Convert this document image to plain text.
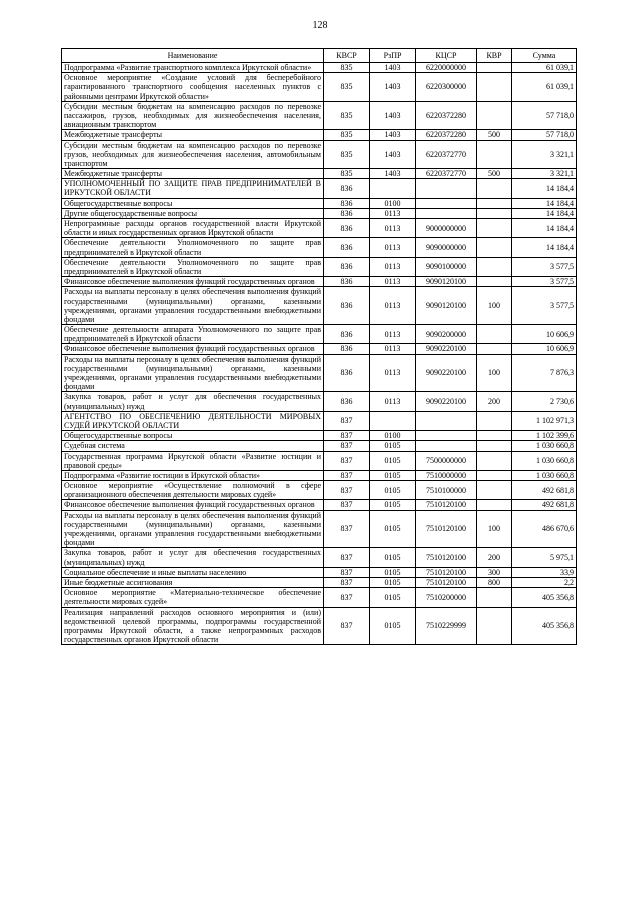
128
Наименование	КВСР	РзПР	КЦСР	КВР	Сумма
Подпрограмма «Развитие транспортного комплекса Иркутской области»	835	1403	6220000000		61 039,1
Основное мероприятие «Создание условий для бесперебойного гарантированного транспортного сообщения населенных пунктов с районными центрами Иркутской области»	835	1403	6220300000		61 039,1
Субсидии местным бюджетам на компенсацию расходов по перевозке пассажиров, грузов, необходимых для жизнеобеспечения населения, авиационным транспортом	835	1403	6220372280		57 718,0
Межбюджетные трансферты	835	1403	6220372280	500	57 718,0
Субсидии местным бюджетам на компенсацию расходов по перевозке грузов, необходимых для жизнеобеспечения населения, автомобильным транспортом	835	1403	6220372770		3 321,1
Межбюджетные трансферты	835	1403	6220372770	500	3 321,1
УПОЛНОМОЧЕННЫЙ ПО ЗАЩИТЕ ПРАВ ПРЕДПРИНИМАТЕЛЕЙ В ИРКУТСКОЙ ОБЛАСТИ	836				14 184,4
Общегосударственные вопросы	836	0100			14 184,4
Другие общегосударственные вопросы	836	0113			14 184,4
Непрограммные расходы органов государственной власти Иркутской области и иных государственных органов Иркутской области	836	0113	9000000000		14 184,4
Обеспечение деятельности Уполномоченного по защите прав предпринимателей в Иркутской области	836	0113	9090000000		14 184,4
Обеспечение деятельности Уполномоченного по защите прав предпринимателей в Иркутской области	836	0113	9090100000		3 577,5
Финансовое обеспечение выполнения функций государственных органов	836	0113	9090120100		3 577,5
Расходы на выплаты персоналу в целях обеспечения выполнения функций государственными (муниципальными) органами, казенными учреждениями, органами управления государственными внебюджетными фондами	836	0113	9090120100	100	3 577,5
Обеспечение деятельности аппарата Уполномоченного по защите прав предпринимателей в Иркутской области	836	0113	9090200000		10 606,9
Финансовое обеспечение выполнения функций государственных органов	836	0113	9090220100		10 606,9
Расходы на выплаты персоналу в целях обеспечения выполнения функций государственными (муниципальными) органами, казенными учреждениями, органами управления государственными внебюджетными фондами	836	0113	9090220100	100	7 876,3
Закупка товаров, работ и услуг для обеспечения государственных (муниципальных) нужд	836	0113	9090220100	200	2 730,6
АГЕНТСТВО ПО ОБЕСПЕЧЕНИЮ ДЕЯТЕЛЬНОСТИ МИРОВЫХ СУДЕЙ ИРКУТСКОЙ ОБЛАСТИ	837				1 102 971,3
Общегосударственные вопросы	837	0100			1 102 399,6
Судебная система	837	0105			1 030 660,8
Государственная программа Иркутской области «Развитие юстиции и правовой среды»	837	0105	7500000000		1 030 660,8
Подпрограмма «Развитие юстиции в Иркутской области»	837	0105	7510000000		1 030 660,8
Основное мероприятие «Осуществление полномочий в сфере организационного обеспечения деятельности мировых судей»	837	0105	7510100000		492 681,8
Финансовое обеспечение выполнения функций государственных органов	837	0105	7510120100		492 681,8
Расходы на выплаты персоналу в целях обеспечения выполнения функций государственными (муниципальными) органами, казенными учреждениями, органами управления государственными внебюджетными фондами	837	0105	7510120100	100	486 670,6
Закупка товаров, работ и услуг для обеспечения государственных (муниципальных) нужд	837	0105	7510120100	200	5 975,1
Социальное обеспечение и иные выплаты населению	837	0105	7510120100	300	33,9
Иные бюджетные ассигнования	837	0105	7510120100	800	2,2
Основное мероприятие «Материально-техническое обеспечение деятельности мировых судей»	837	0105	7510200000		405 356,8
Реализация направлений расходов основного мероприятия и (или) ведомственной целевой программы, подпрограммы государственной программы Иркутской области, а также непрограммных расходов государственных органов Иркутской области	837	0105	7510229999		405 356,8
